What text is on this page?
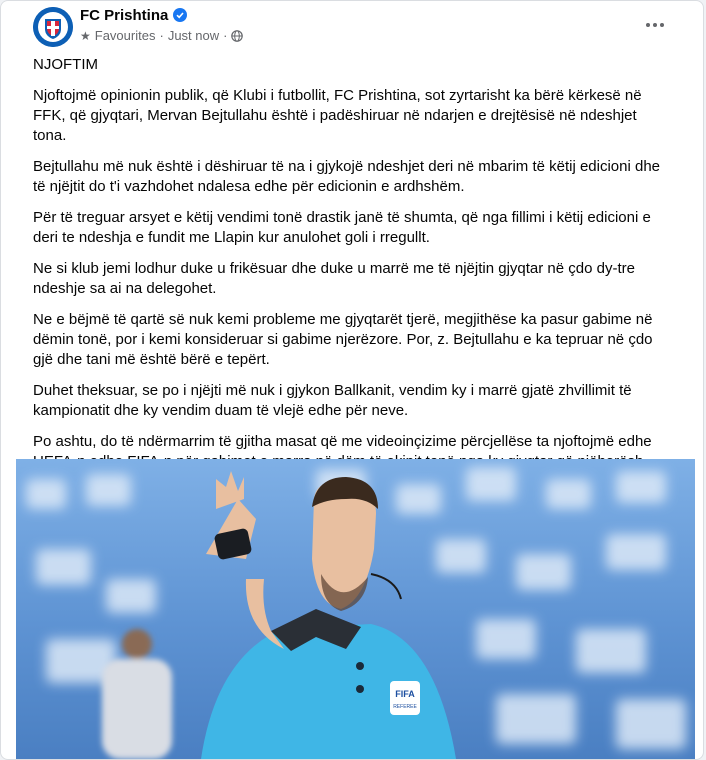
FC Prishtina
★ Favourites · Just now ·

NJOFTIM

Njoftojmë opinionin publik, që Klubi i futbollit, FC Prishtina, sot zyrtarisht ka bërë kërkesë në FFK, që gjyqtari, Mervan Bejtullahu është i padëshiruar në ndarjen e drejtësisë në ndeshjet tona.

Bejtullahu më nuk është i dëshiruar të na i gjykojë ndeshjet deri në mbarim të këtij edicioni dhe të njëjtit do t'i vazhdohet ndalesa edhe për edicionin e ardhshëm.

Për të treguar arsyet e këtij vendimi tonë drastik janë të shumta, që nga fillimi i këtij edicioni e deri te ndeshja e fundit me Llapin kur anulohet goli i rregullt.

Ne si klub jemi lodhur duke u frikësuar dhe duke u marrë me të njëjtin gjyqtar në çdo dy-tre ndeshje sa ai na delegohet.

Ne e bëjmë të qartë së nuk kemi probleme me gjyqtarët tjerë, megjithëse ka pasur gabime në dëmin tonë, por i kemi konsideruar si gabime njerëzore. Por, z. Bejtullahu e ka tepruar në çdo gjë dhe tani më është bërë e tepërt.

Duhet theksuar, se po i njëjti më nuk i gjykon Ballkanit, vendim ky i marrë gjatë zhvillimit të kampionatit dhe ky vendim duam të vlejë edhe për neve.

Po ashtu, do të ndërmarrim të gjitha masat që me videoinçizime përcjellëse ta njoftojmë edhe

FIFA
REFEREE
